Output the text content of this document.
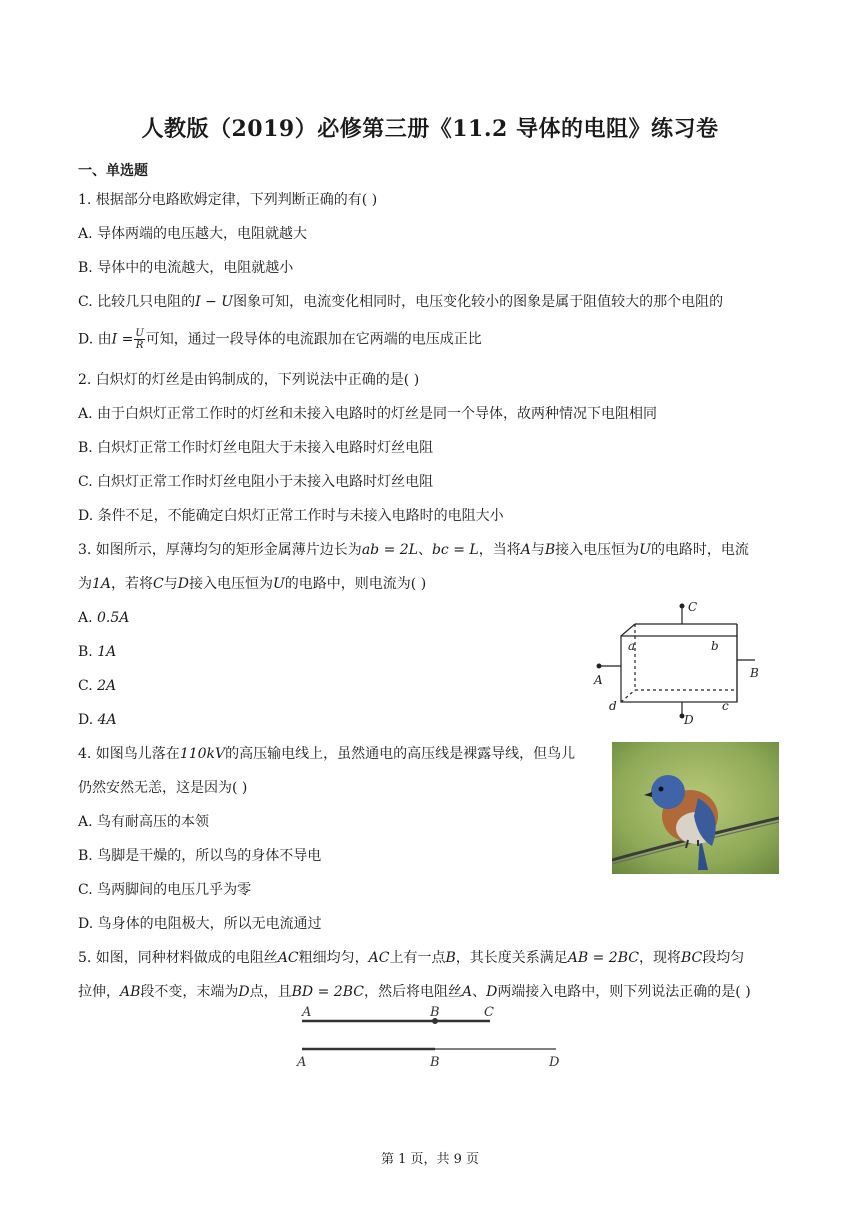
人教版（2019）必修第三册《11.2 导体的电阻》练习卷
一、单选题
1. 根据部分电路欧姆定律，下列判断正确的有( )
A. 导体两端的电压越大，电阻就越大
B. 导体中的电流越大，电阻就越小
C. 比较几只电阻的I − U图象可知，电流变化相同时，电压变化较小的图象是属于阻值较大的那个电阻的
D. 由$I = \frac{U}{R}$ 可知，通过一段导体的电流跟加在它两端的电压成正比
2. 白炽灯的灯丝是由钨制成的，下列说法中正确的是( )
A. 由于白炽灯正常工作时的灯丝和未接入电路时的灯丝是同一个导体，故两种情况下电阻相同
B. 白炽灯正常工作时灯丝电阻大于未接入电路时灯丝电阻
C. 白炽灯正常工作时灯丝电阻小于未接入电路时灯丝电阻
D. 条件不足，不能确定白炽灯正常工作时与未接入电路时的电阻大小
3. 如图所示，厚薄均匀的矩形金属薄片边长为ab = 2L、bc = L，当将A与B接入电压恒为U的电路时，电流
为1A，若将C与D接入电压恒为U的电路中，则电流为( )
A. 0.5A
B. 1A
C. 2A
D. 4A
C
a	b
A	B
d
D
c
4. 如图鸟儿落在110kV的高压输电线上，虽然通电的高压线是裸露导线，但鸟儿
仍然安然无恙，这是因为( )
A. 鸟有耐高压的本领
B. 鸟脚是干燥的，所以鸟的身体不导电
C. 鸟两脚间的电压几乎为零
D. 鸟身体的电阻极大，所以无电流通过
5. 如图，同种材料做成的电阻丝AC粗细均匀，AC上有一点B，其长度关系满足AB = 2BC，现将BC段均匀
拉伸，AB段不变，末端为D点，且BD = 2BC，然后将电阻丝A、D两端接入电路中，则下列说法正确的是( )
A	B	C
A	B	D
第 1 页，共 9 页
